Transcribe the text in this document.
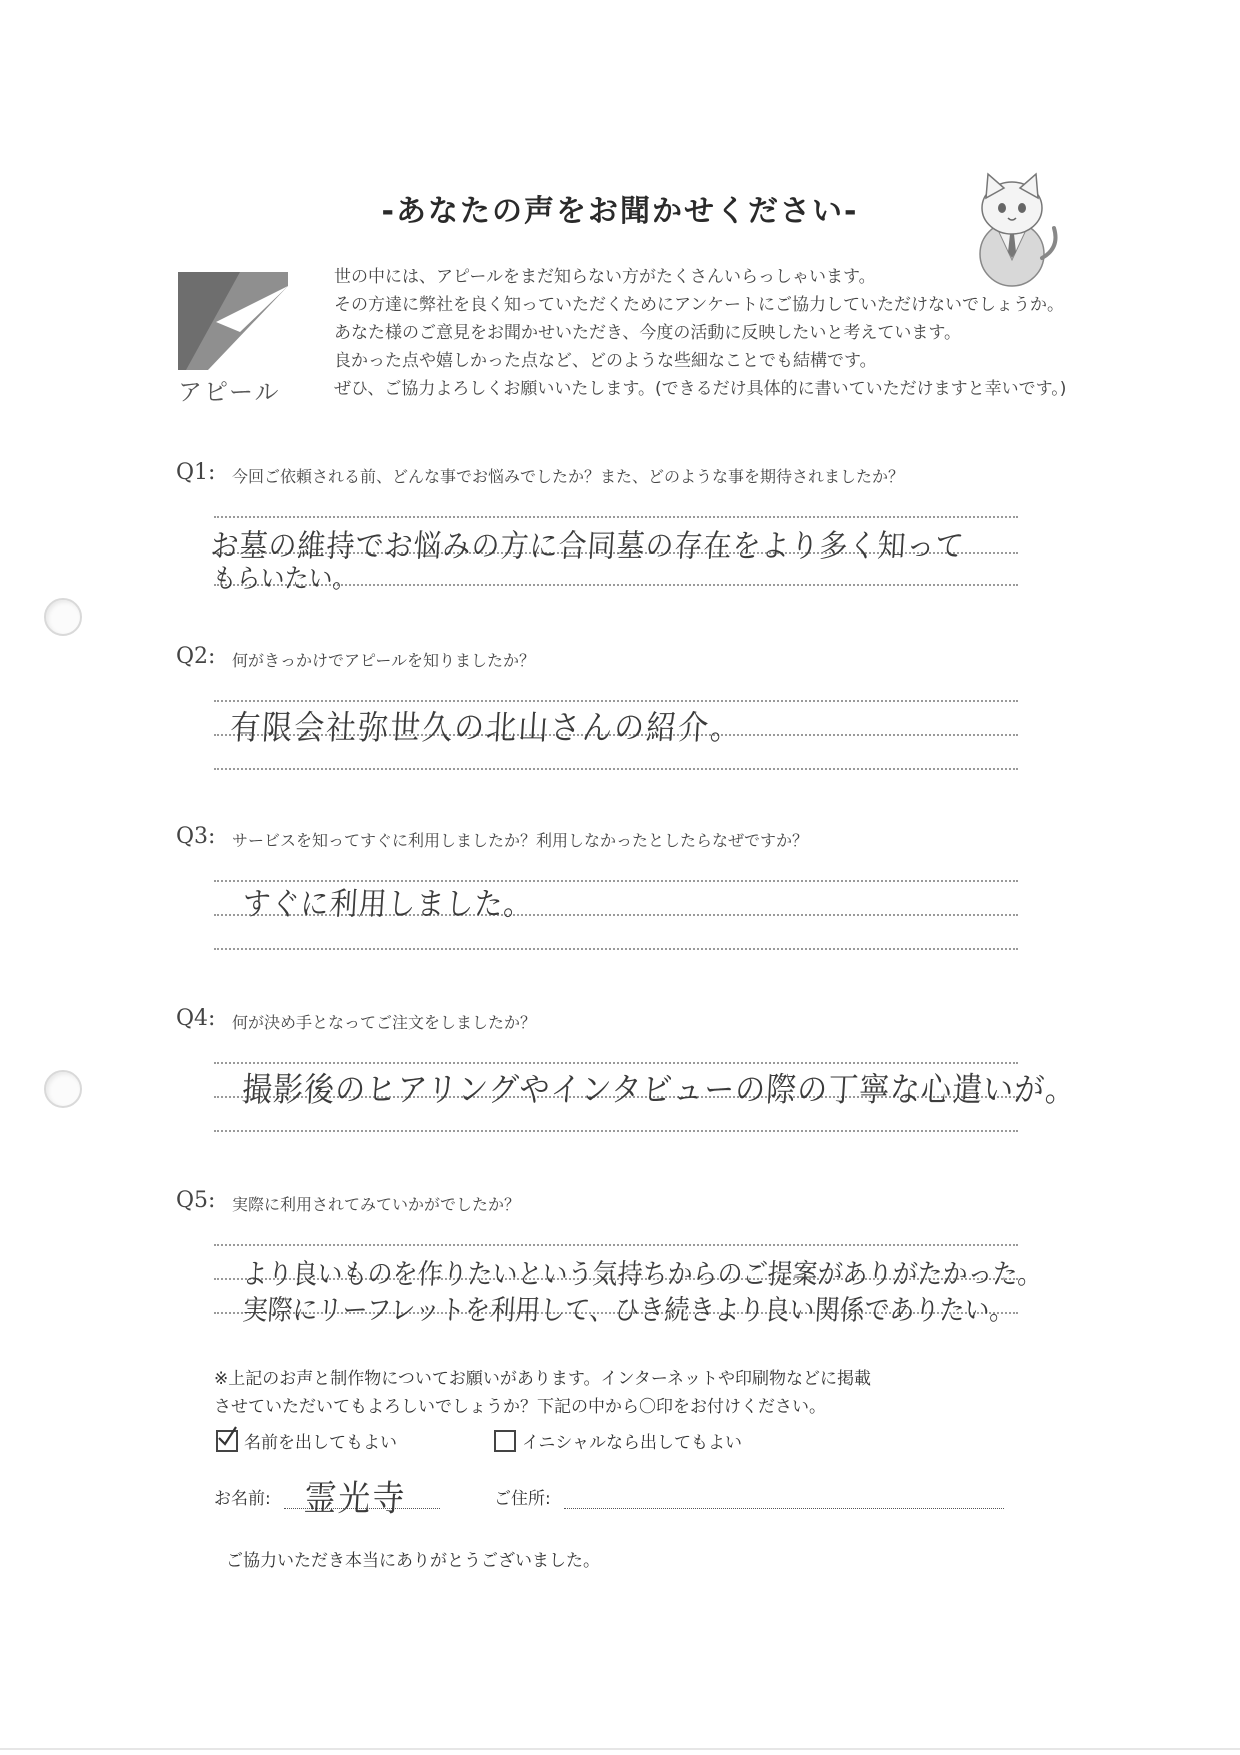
-あなたの声をお聞かせください-
アピール
世の中には、アピールをまだ知らない方がたくさんいらっしゃいます。
その方達に弊社を良く知っていただくためにアンケートにご協力していただけないでしょうか。
あなた様のご意見をお聞かせいただき、今度の活動に反映したいと考えています。
良かった点や嬉しかった点など、どのような些細なことでも結構です。
ぜひ、ご協力よろしくお願いいたします。(できるだけ具体的に書いていただけますと幸いです。)
Q1: 今回ご依頼される前、どんな事でお悩みでしたか？また、どのような事を期待されましたか？
お墓の維持でお悩みの方に合同墓の存在をより多く知って
もらいたい。
Q2: 何がきっかけでアピールを知りましたか？
有限会社弥世久の北山さんの紹介。
Q3: サービスを知ってすぐに利用しましたか？利用しなかったとしたらなぜですか？
すぐに利用しました。
Q4: 何が決め手となってご注文をしましたか？
撮影後のヒアリングやインタビューの際の丁寧な心遣いが。
Q5: 実際に利用されてみていかがでしたか？
より良いものを作りたいという気持ちからのご提案がありがたかった。
実際にリーフレットを利用して、ひき続きより良い関係でありたい。
※上記のお声と制作物についてお願いがあります。インターネットや印刷物などに掲載
させていただいてもよろしいでしょうか？下記の中から〇印をお付けください。
名前を出してもよい	イニシャルなら出してもよい
お名前: 霊光寺	ご住所:
ご協力いただき本当にありがとうございました。
